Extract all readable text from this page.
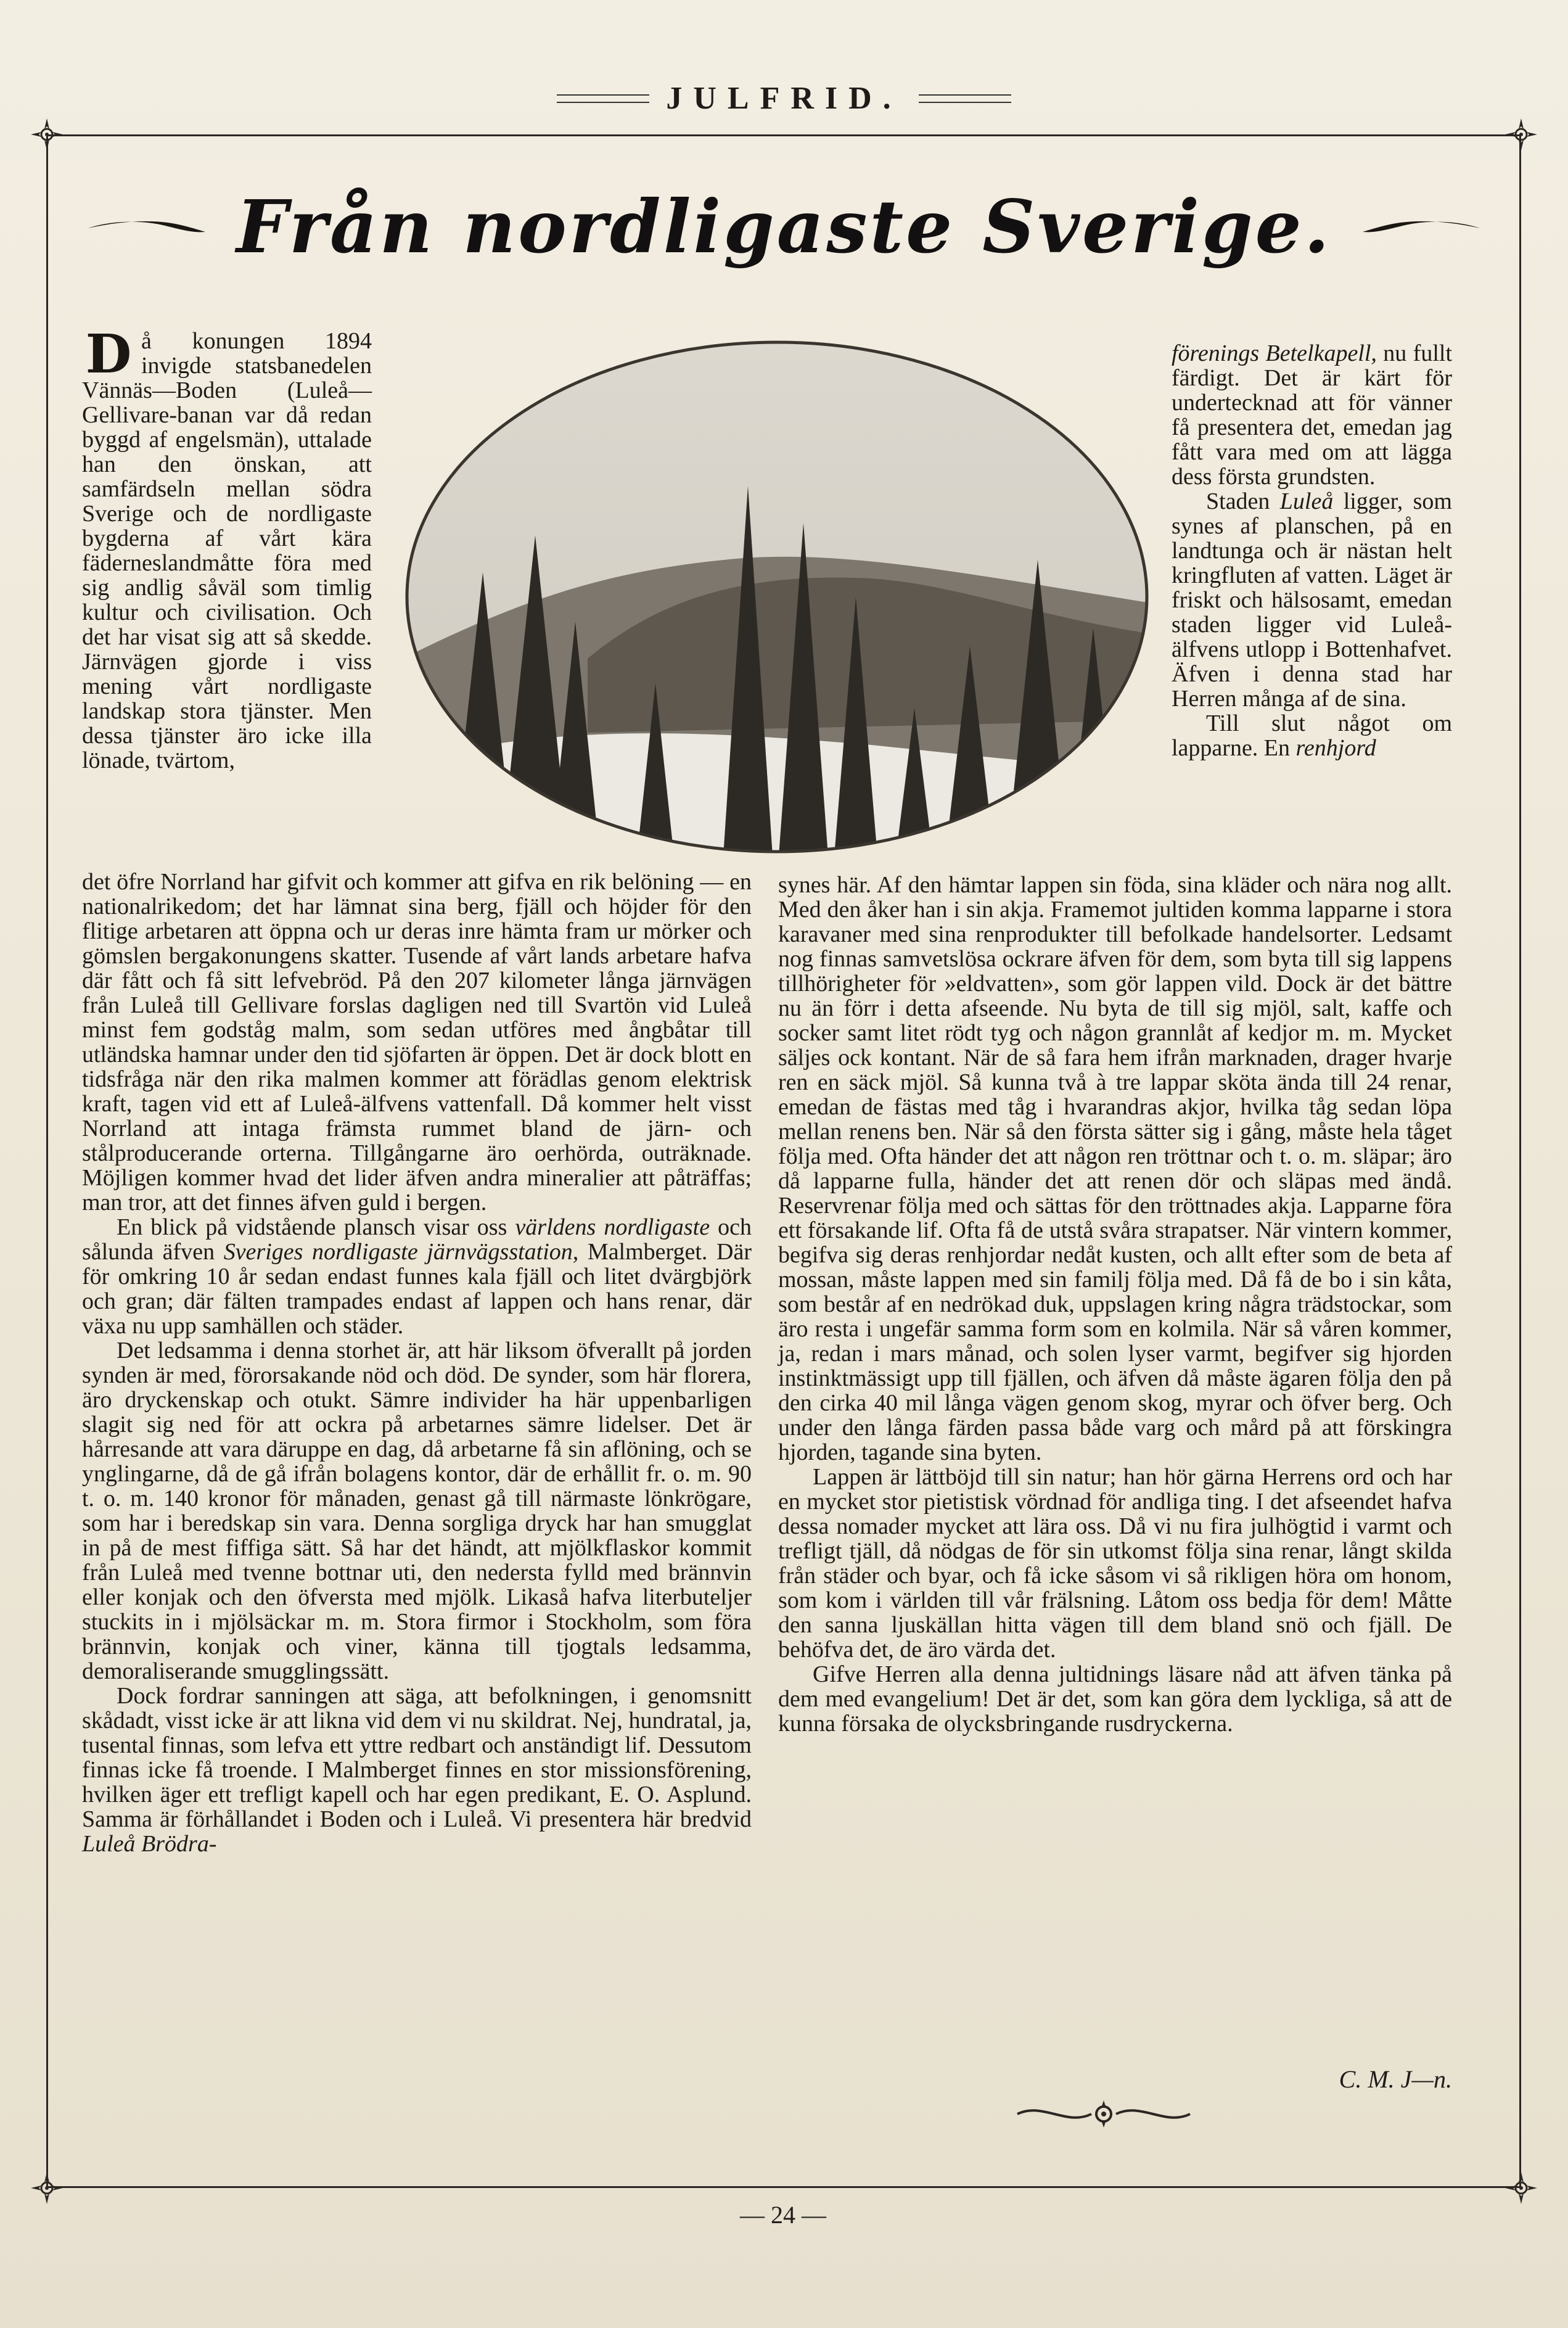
JULFRID.
Från nordligaste Sverige.
D å konungen 1894 invigde statsbanedelen Vännäs—Boden (Luleå—Gellivare-banan var då redan byggd af engelsmän), uttalade han den önskan, att samfärdseln mellan södra Sverige och de nordligaste bygderna af vårt kära fäderneslandmåtte föra med sig andlig såväl som timlig kultur och civilisation. Och det har visat sig att så skedde. Järnvägen gjorde i viss mening vårt nordligaste landskap stora tjänster. Men dessa tjänster äro icke illa lönade, tvärtom,

förenings Betelkapell, nu fullt färdigt. Det är kärt för undertecknad att för vänner få presentera det, emedan jag fått vara med om att lägga dess första grundsten.

Staden Luleå ligger, som synes af planschen, på en landtunga och är nästan helt kringfluten af vatten. Läget är friskt och hälsosamt, emedan staden ligger vid Luleå-älfvens utlopp i Bottenhafvet. Äfven i denna stad har Herren många af de sina.

Till slut något om lapparne. En renhjord

det öfre Norrland har gifvit och kommer att gifva en rik belöning — en nationalrikedom; det har lämnat sina berg, fjäll och höjder för den flitige arbetaren att öppna och ur deras inre hämta fram ur mörker och gömslen bergakonungens skatter. Tusende af vårt lands arbetare hafva där fått och få sitt lefvebröd. På den 207 kilometer långa järnvägen från Luleå till Gellivare forslas dagligen ned till Svartön vid Luleå minst fem godståg malm, som sedan utföres med ångbåtar till utländska hamnar under den tid sjöfarten är öppen. Det är dock blott en tidsfråga när den rika malmen kommer att förädlas genom elektrisk kraft, tagen vid ett af Luleå-älfvens vattenfall. Då kommer helt visst Norrland att intaga främsta rummet bland de järn- och stålproducerande orterna. Tillgångarne äro oerhörda, outräknade. Möjligen kommer hvad det lider äfven andra mineralier att påträffas; man tror, att det finnes äfven guld i bergen.

En blick på vidstående plansch visar oss världens nordligaste och sålunda äfven Sveriges nordligaste järnvägsstation, Malmberget. Där för omkring 10 år sedan endast funnes kala fjäll och litet dvärgbjörk och gran; där fälten trampades endast af lappen och hans renar, där växa nu upp samhällen och städer.

Det ledsamma i denna storhet är, att här liksom öfverallt på jorden synden är med, förorsakande nöd och död. De synder, som här florera, äro dryckenskap och otukt. Sämre individer ha här uppenbarligen slagit sig ned för att ockra på arbetarnes sämre lidelser. Det är hårresande att vara däruppe en dag, då arbetarne få sin aflöning, och se ynglingarne, då de gå ifrån bolagens kontor, där de erhållit fr. o. m. 90 t. o. m. 140 kronor för månaden, genast gå till närmaste lönkrögare, som har i beredskap sin vara. Denna sorgliga dryck har han smugglat in på de mest fiffiga sätt. Så har det händt, att mjölkflaskor kommit från Luleå med tvenne bottnar uti, den nedersta fylld med brännvin eller konjak och den öfversta med mjölk. Likaså hafva literbuteljer stuckits in i mjölsäckar m. m. Stora firmor i Stockholm, som föra brännvin, konjak och viner, känna till tjogtals ledsamma, demoraliserande smugglingssätt.

Dock fordrar sanningen att säga, att befolkningen, i genomsnitt skådadt, visst icke är att likna vid dem vi nu skildrat. Nej, hundratal, ja, tusental finnas, som lefva ett yttre redbart och anständigt lif. Dessutom finnas icke få troende. I Malmberget finnes en stor missionsförening, hvilken äger ett trefligt kapell och har egen predikant, E. O. Asplund. Samma är förhållandet i Boden och i Luleå. Vi presentera här bredvid Luleå Brödra-

synes här. Af den hämtar lappen sin föda, sina kläder och nära nog allt. Med den åker han i sin akja. Framemot jultiden komma lapparne i stora karavaner med sina renprodukter till befolkade handelsorter. Ledsamt nog finnas samvetslösa ockrare äfven för dem, som byta till sig lappens tillhörigheter för »eldvatten», som gör lappen vild. Dock är det bättre nu än förr i detta afseende. Nu byta de till sig mjöl, salt, kaffe och socker samt litet rödt tyg och någon grannlåt af kedjor m. m. Mycket säljes ock kontant. När de så fara hem ifrån marknaden, drager hvarje ren en säck mjöl. Så kunna två à tre lappar sköta ända till 24 renar, emedan de fästas med tåg i hvarandras akjor, hvilka tåg sedan löpa mellan renens ben. När så den första sätter sig i gång, måste hela tåget följa med. Ofta händer det att någon ren tröttnar och t. o. m. släpar; äro då lapparne fulla, händer det att renen dör och släpas med ändå. Reservrenar följa med och sättas för den tröttnades akja. Lapparne föra ett försakande lif. Ofta få de utstå svåra strapatser. När vintern kommer, begifva sig deras renhjordar nedåt kusten, och allt efter som de beta af mossan, måste lappen med sin familj följa med. Då få de bo i sin kåta, som består af en nedrökad duk, uppslagen kring några trädstockar, som äro resta i ungefär samma form som en kolmila. När så våren kommer, ja, redan i mars månad, och solen lyser varmt, begifver sig hjorden instinktmässigt upp till fjällen, och äfven då måste ägaren följa den på den cirka 40 mil långa vägen genom skog, myrar och öfver berg. Och under den långa färden passa både varg och mård på att förskingra hjorden, tagande sina byten.

Lappen är lättböjd till sin natur; han hör gärna Herrens ord och har en mycket stor pietistisk vördnad för andliga ting. I det afseendet hafva dessa nomader mycket att lära oss. Då vi nu fira julhögtid i varmt och trefligt tjäll, då nödgas de för sin utkomst följa sina renar, långt skilda från städer och byar, och få icke såsom vi så rikligen höra om honom, som kom i världen till vår frälsning. Låtom oss bedja för dem! Måtte den sanna ljuskällan hitta vägen till dem bland snö och fjäll. De behöfva det, de äro värda det.

Gifve Herren alla denna jultidnings läsare nåd att äfven tänka på dem med evangelium! Det är det, som kan göra dem lyckliga, så att de kunna försaka de olycksbringande rusdryckerna.

C. M. J—n.
— 24 —
